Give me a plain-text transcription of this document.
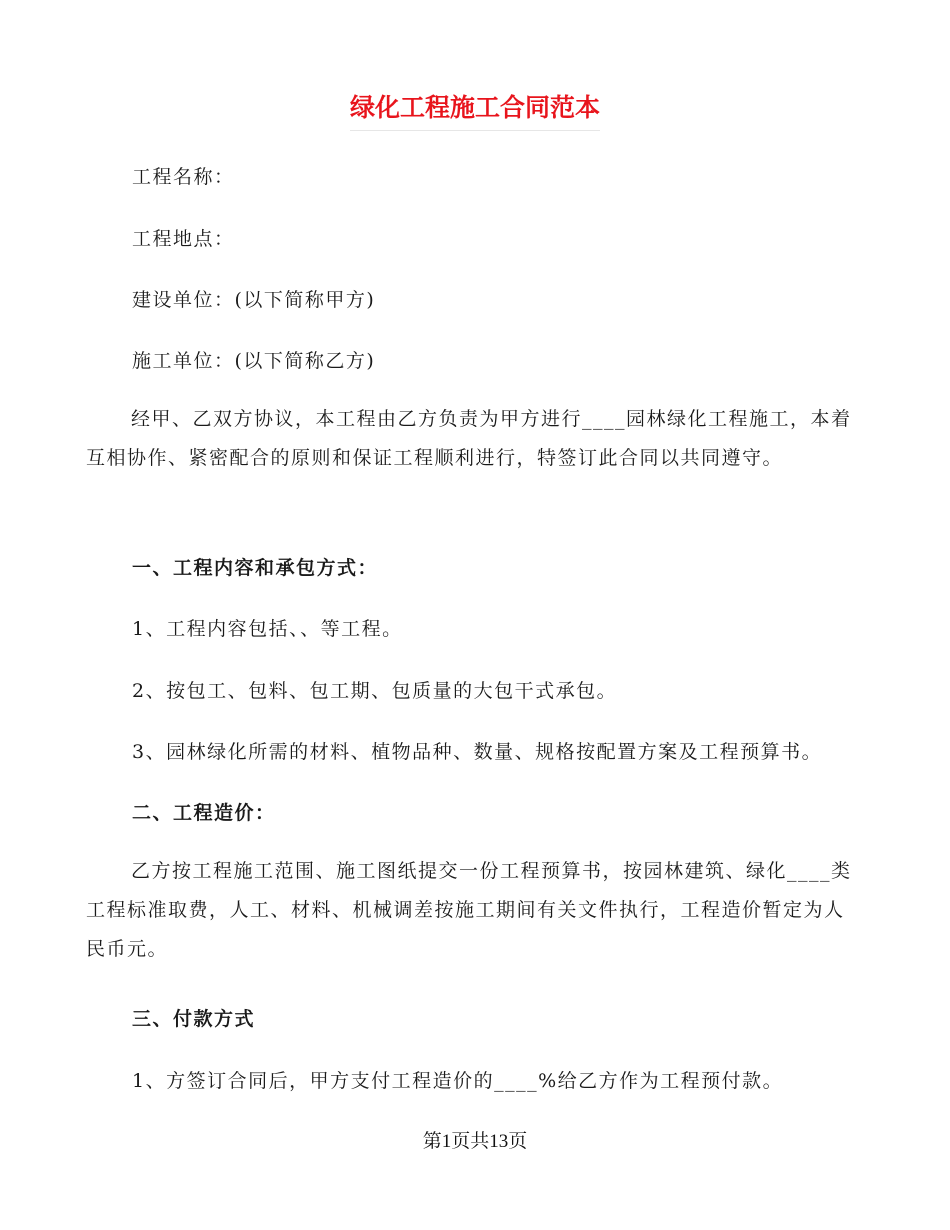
绿化工程施工合同范本
工程名称：
工程地点：
建设单位：(以下简称甲方)
施工单位：(以下简称乙方)
经甲、乙双方协议，本工程由乙方负责为甲方进行____园林绿化工程施工，本着互相协作、紧密配合的原则和保证工程顺利进行，特签订此合同以共同遵守。
一、工程内容和承包方式：
1、工程内容包括、、等工程。
2、按包工、包料、包工期、包质量的大包干式承包。
3、园林绿化所需的材料、植物品种、数量、规格按配置方案及工程预算书。
二、工程造价：
乙方按工程施工范围、施工图纸提交一份工程预算书，按园林建筑、绿化____类工程标准取费，人工、材料、机械调差按施工期间有关文件执行，工程造价暂定为人民币元。
三、付款方式
1、方签订合同后，甲方支付工程造价的____%给乙方作为工程预付款。
第1页共13页
